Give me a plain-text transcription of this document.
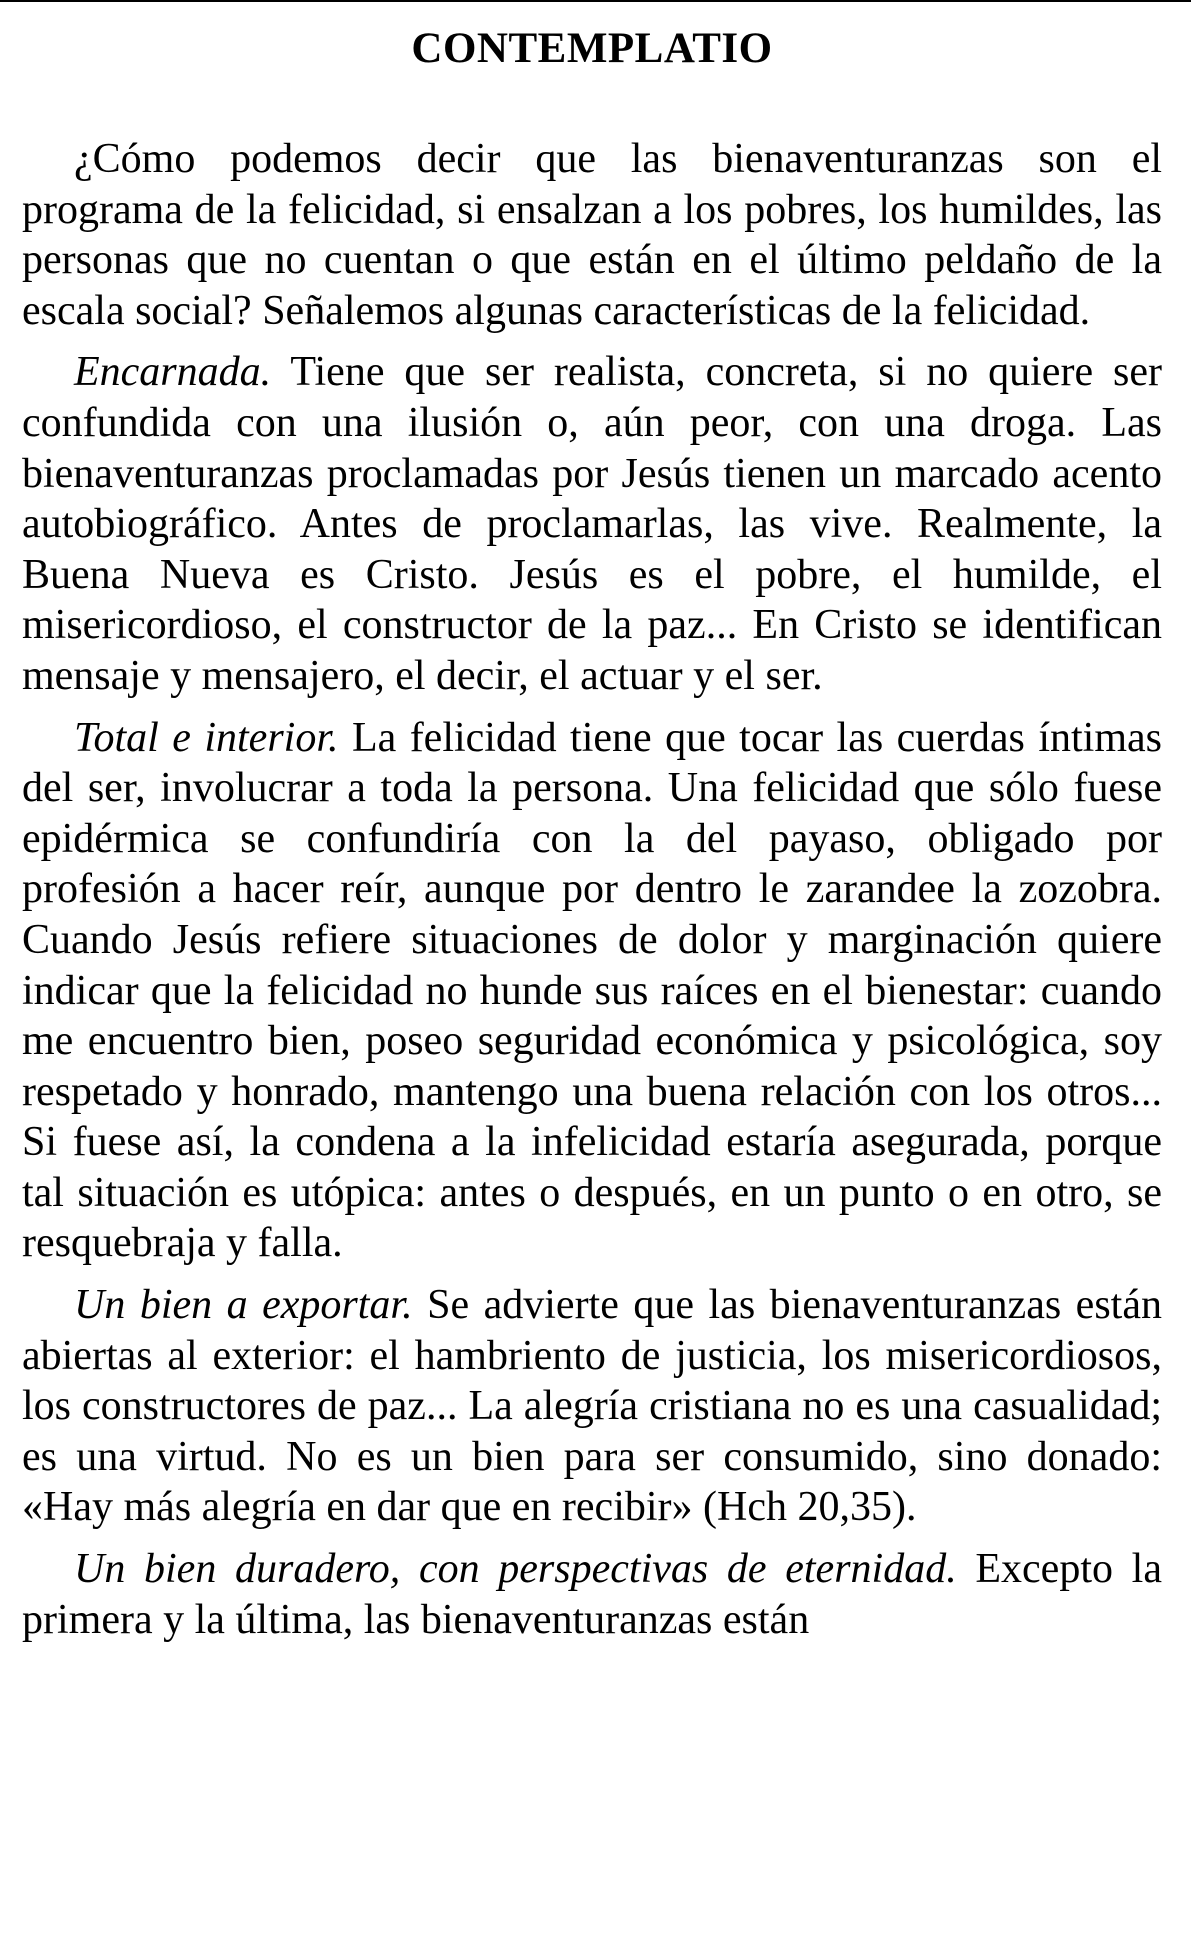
CONTEMPLATIO

¿Cómo podemos decir que las bienaventuranzas son el programa de la felicidad, si ensalzan a los pobres, los humildes, las personas que no cuentan o que están en el último peldaño de la escala social? Señalemos algunas características de la felicidad.

Encarnada. Tiene que ser realista, concreta, si no quiere ser confundida con una ilusión o, aún peor, con una droga. Las bienaventuranzas proclamadas por Jesús tienen un marcado acento autobiográfico. Antes de proclamarlas, las vive. Realmente, la Buena Nueva es Cristo. Jesús es el pobre, el humilde, el misericordioso, el constructor de la paz... En Cristo se identifican mensaje y mensajero, el decir, el actuar y el ser.

Total e interior. La felicidad tiene que tocar las cuerdas íntimas del ser, involucrar a toda la persona. Una felicidad que sólo fuese epidérmica se confundiría con la del payaso, obligado por profesión a hacer reír, aunque por dentro le zarandee la zozobra. Cuando Jesús refiere situaciones de dolor y marginación quiere indicar que la felicidad no hunde sus raíces en el bienestar: cuando me encuentro bien, poseo seguridad económica y psicológica, soy respetado y honrado, mantengo una buena relación con los otros... Si fuese así, la condena a la infelicidad estaría asegurada, porque tal situación es utópica: antes o después, en un punto o en otro, se resquebraja y falla.

Un bien a exportar. Se advierte que las bienaventuranzas están abiertas al exterior: el hambriento de justicia, los misericordiosos, los constructores de paz... La alegría cristiana no es una casualidad; es una virtud. No es un bien para ser consumido, sino donado: «Hay más alegría en dar que en recibir» (Hch 20,35).

Un bien duradero, con perspectivas de eternidad. Excepto la primera y la última, las bienaventuranzas están
